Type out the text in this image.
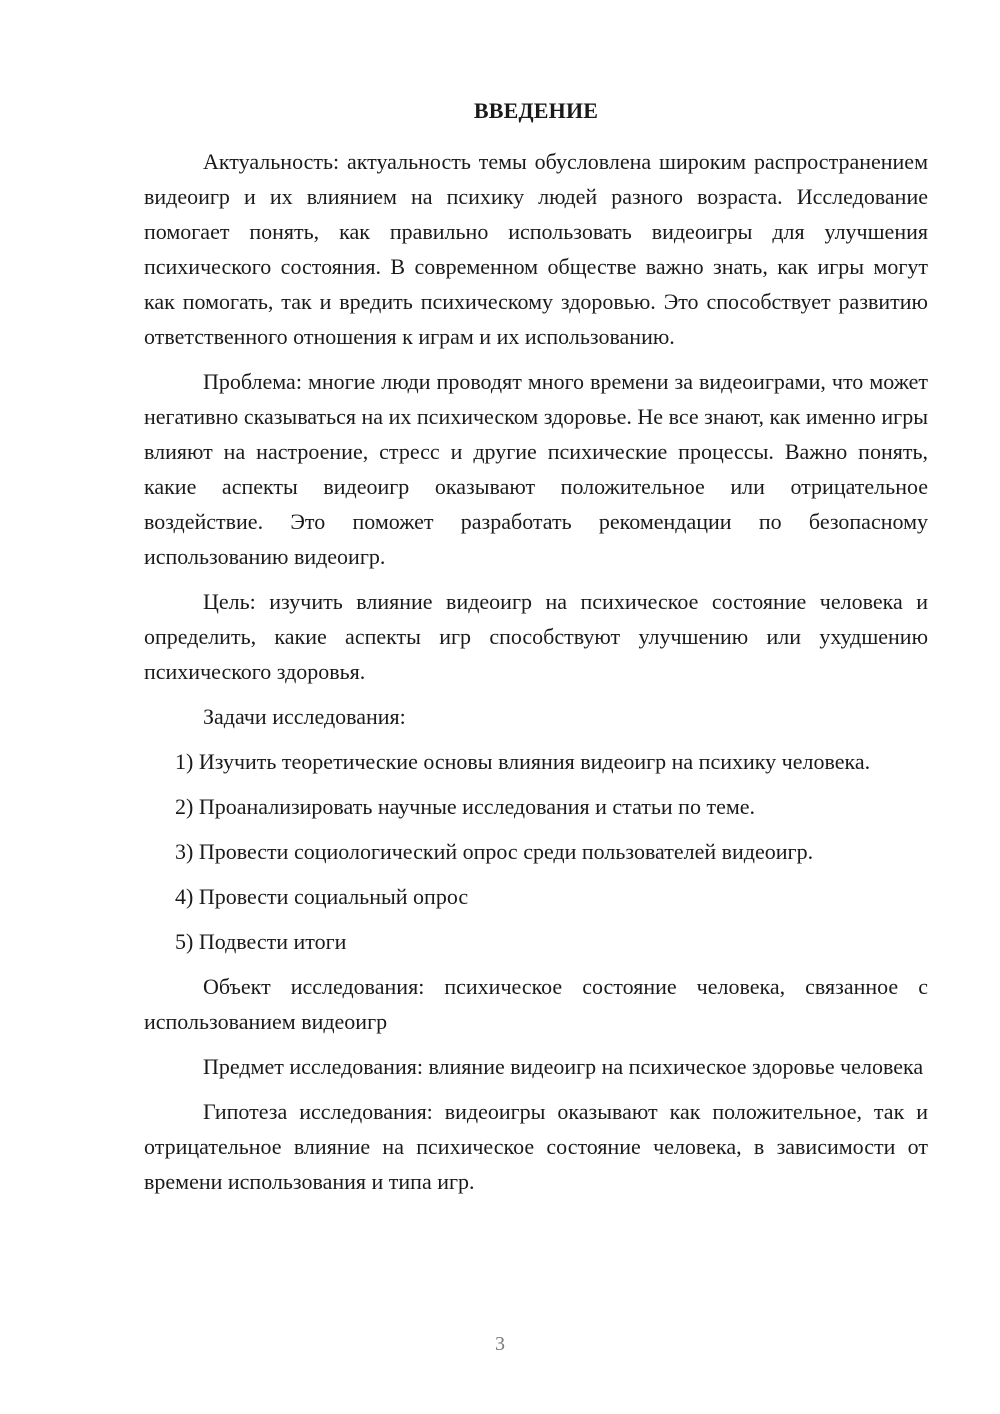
ВВЕДЕНИЕ

Актуальность: актуальность темы обусловлена широким распространением видеоигр и их влиянием на психику людей разного возраста. Исследование помогает понять, как правильно использовать видеоигры для улучшения психического состояния. В современном обществе важно знать, как игры могут как помогать, так и вредить психическому здоровью. Это способствует развитию ответственного отношения к играм и их использованию.

Проблема: многие люди проводят много времени за видеоиграми, что может негативно сказываться на их психическом здоровье. Не все знают, как именно игры влияют на настроение, стресс и другие психические процессы. Важно понять, какие аспекты видеоигр оказывают положительное или отрицательное воздействие. Это поможет разработать рекомендации по безопасному использованию видеоигр.

Цель: изучить влияние видеоигр на психическое состояние человека и определить, какие аспекты игр способствуют улучшению или ухудшению психического здоровья.

Задачи исследования:

1) Изучить теоретические основы влияния видеоигр на психику человека.

2) Проанализировать научные исследования и статьи по теме.

3) Провести социологический опрос среди пользователей видеоигр.

4) Провести социальный опрос

5) Подвести итоги

Объект исследования: психическое состояние человека, связанное с использованием видеоигр

Предмет исследования: влияние видеоигр на психическое здоровье человека

Гипотеза исследования: видеоигры оказывают как положительное, так и отрицательное влияние на психическое состояние человека, в зависимости от времени использования и типа игр.

3
